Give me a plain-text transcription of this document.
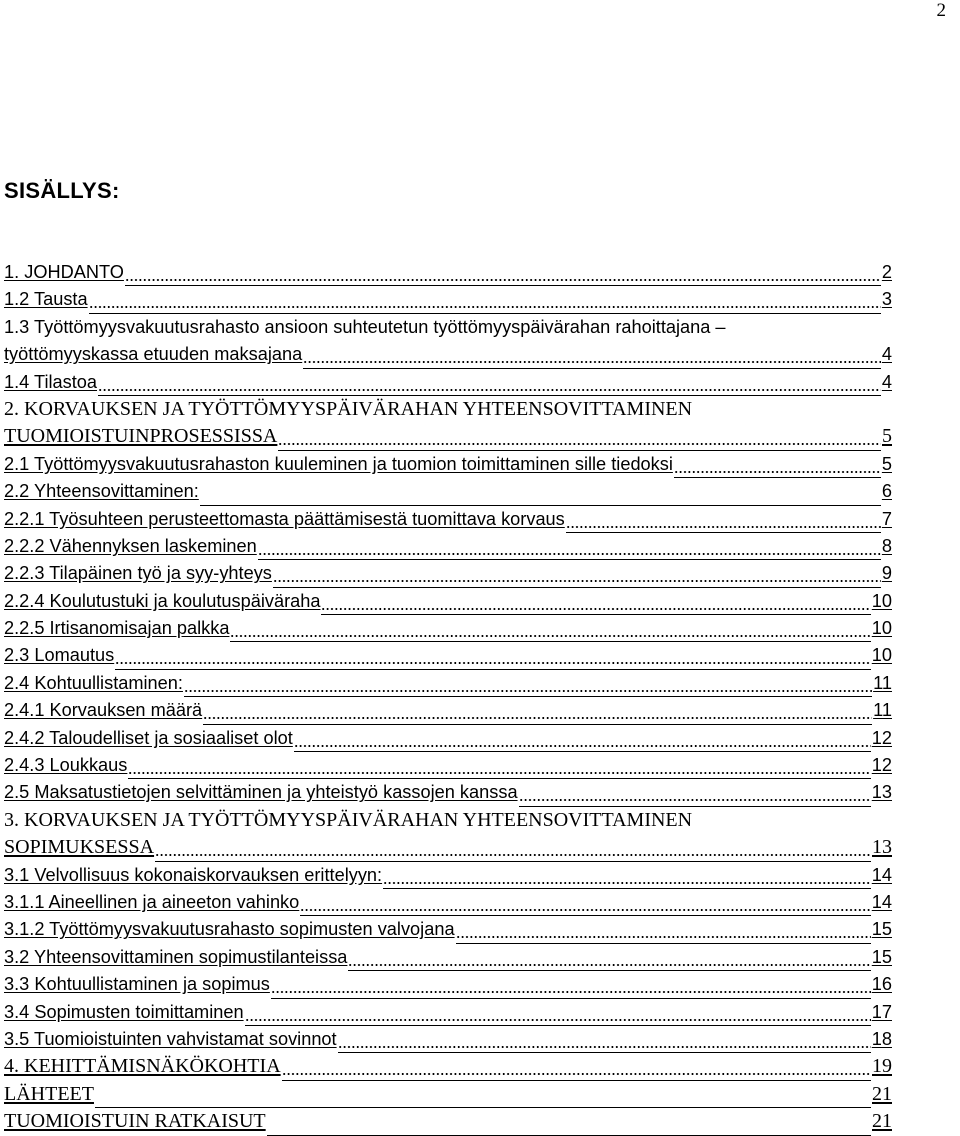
2
SISÄLLYS:
1. JOHDANTO	2
1.2 Tausta	3
1.3 Työttömyysvakuutusrahasto ansioon suhteutetun työttömyyspäivärahan rahoittajana –
työttömyyskassa etuuden maksajana	4
1.4 Tilastoa	4
2. KORVAUKSEN JA TYÖTTÖMYYSPÄIVÄRAHAN YHTEENSOVITTAMINEN
TUOMIOISTUINPROSESSISSA	5
2.1 Työttömyysvakuutusrahaston kuuleminen ja tuomion toimittaminen sille tiedoksi	5
2.2 Yhteensovittaminen:	6
2.2.1 Työsuhteen perusteettomasta päättämisestä tuomittava korvaus	7
2.2.2 Vähennyksen laskeminen	8
2.2.3 Tilapäinen työ ja syy-yhteys	9
2.2.4 Koulutustuki ja koulutuspäiväraha	10
2.2.5 Irtisanomisajan palkka	10
2.3 Lomautus	10
2.4 Kohtuullistaminen:	11
2.4.1 Korvauksen määrä	11
2.4.2 Taloudelliset ja sosiaaliset olot	12
2.4.3 Loukkaus	12
2.5 Maksatustietojen selvittäminen ja yhteistyö kassojen kanssa	13
3. KORVAUKSEN JA TYÖTTÖMYYSPÄIVÄRAHAN YHTEENSOVITTAMINEN
SOPIMUKSESSA	13
3.1 Velvollisuus kokonaiskorvauksen erittelyyn:	14
3.1.1 Aineellinen ja aineeton vahinko	14
3.1.2 Työttömyysvakuutusrahasto sopimusten valvojana	15
3.2 Yhteensovittaminen sopimustilanteissa	15
3.3 Kohtuullistaminen ja sopimus	16
3.4 Sopimusten toimittaminen	17
3.5 Tuomioistuinten vahvistamat sovinnot	18
4. KEHITTÄMISNÄKÖKOHTIA	19
LÄHTEET	21
TUOMIOISTUIN RATKAISUT	21
